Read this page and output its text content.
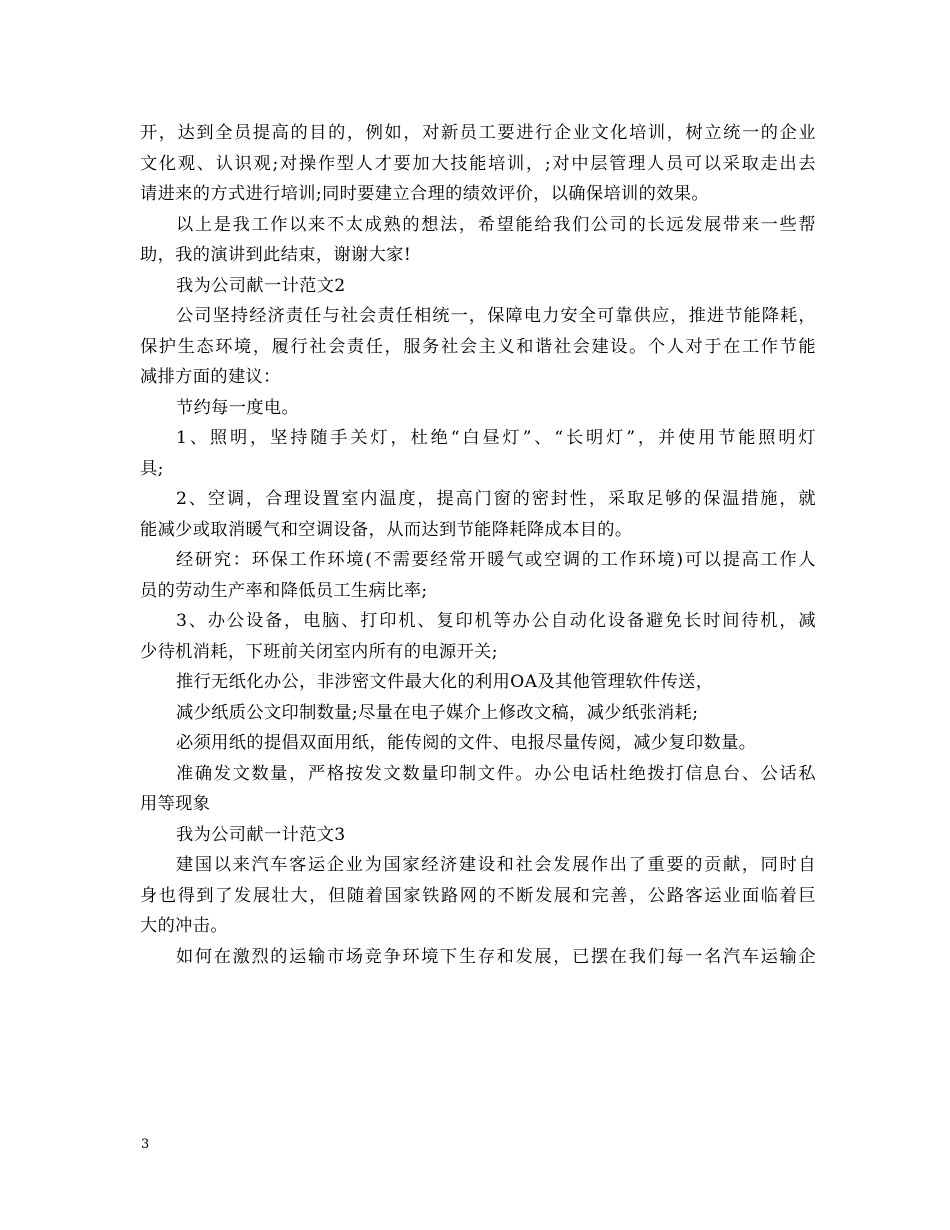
开，达到全员提高的目的，例如，对新员工要进行企业文化培训，树立统一的企业
文化观、认识观;对操作型人才要加大技能培训，;对中层管理人员可以采取走出去
请进来的方式进行培训;同时要建立合理的绩效评价，以确保培训的效果。
以上是我工作以来不太成熟的想法，希望能给我们公司的长远发展带来一些帮
助，我的演讲到此结束，谢谢大家!
我为公司献一计范文2
公司坚持经济责任与社会责任相统一，保障电力安全可靠供应，推进节能降耗，
保护生态环境，履行社会责任，服务社会主义和谐社会建设。个人对于在工作节能
减排方面的建议：
节约每一度电。
1、照明，坚持随手关灯，杜绝“白昼灯”、“长明灯”，并使用节能照明灯
具;
2、空调，合理设置室内温度，提高门窗的密封性，采取足够的保温措施，就
能减少或取消暖气和空调设备，从而达到节能降耗降成本目的。
经研究：环保工作环境(不需要经常开暖气或空调的工作环境)可以提高工作人
员的劳动生产率和降低员工生病比率;
3、办公设备，电脑、打印机、复印机等办公自动化设备避免长时间待机，减
少待机消耗，下班前关闭室内所有的电源开关;
推行无纸化办公，非涉密文件最大化的利用OA及其他管理软件传送，
减少纸质公文印制数量;尽量在电子媒介上修改文稿，减少纸张消耗;
必须用纸的提倡双面用纸，能传阅的文件、电报尽量传阅，减少复印数量。
准确发文数量，严格按发文数量印制文件。办公电话杜绝拨打信息台、公话私
用等现象
我为公司献一计范文3
建国以来汽车客运企业为国家经济建设和社会发展作出了重要的贡献，同时自
身也得到了发展壮大，但随着国家铁路网的不断发展和完善，公路客运业面临着巨
大的冲击。
如何在激烈的运输市场竞争环境下生存和发展，已摆在我们每一名汽车运输企
3
